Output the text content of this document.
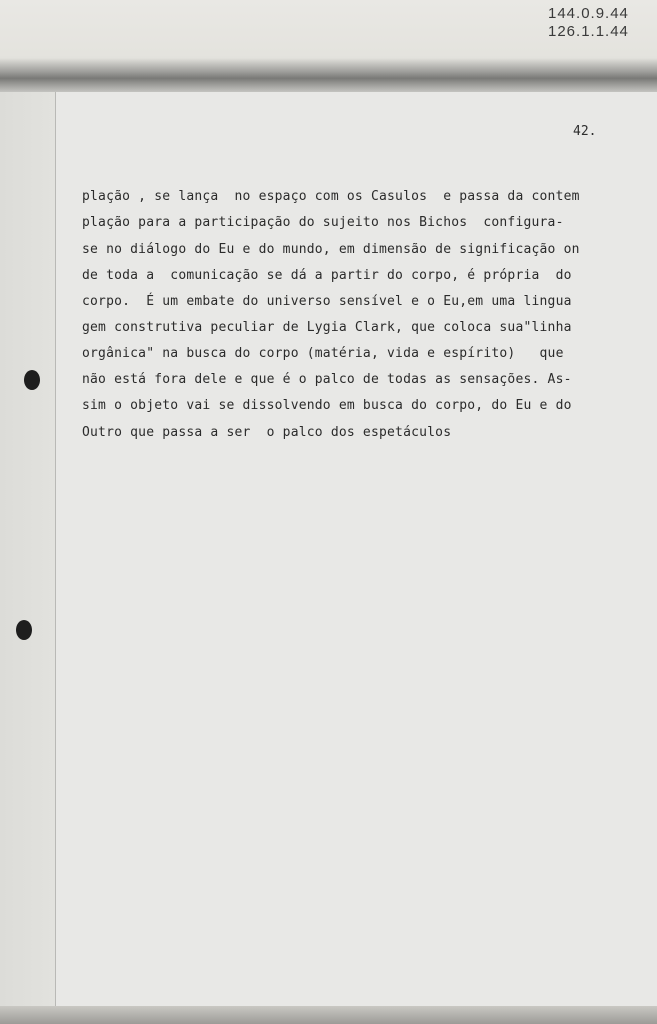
144.0.9.44
126.1.1.44
42.
plação , se lança  no espaço com os Casulos  e passa da contem
plação para a participação do sujeito nos Bichos  configura-
se no diálogo do Eu e do mundo, em dimensão de significação on
de toda a  comunicação se dá a partir do corpo, é própria  do
corpo.  É um embate do universo sensível e o Eu,em uma lingua
gem construtiva peculiar de Lygia Clark, que coloca sua"linha
orgânica" na busca do corpo (matéria, vida e espírito)   que
não está fora dele e que é o palco de todas as sensações. As-
sim o objeto vai se dissolvendo em busca do corpo, do Eu e do
Outro que passa a ser  o palco dos espetáculos
